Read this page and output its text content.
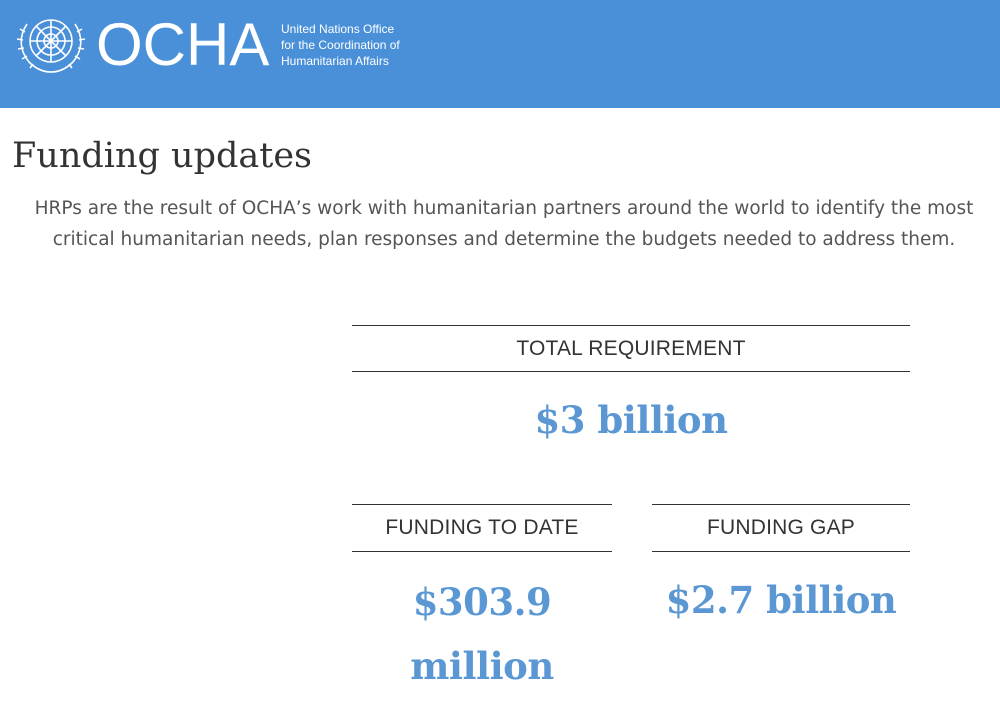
OCHA United Nations Office
for the Coordination of
Humanitarian Affairs
Funding updates

HRPs are the result of OCHA’s work with humanitarian partners around the world to identify the most critical humanitarian needs, plan responses and determine the budgets needed to address them.

TOTAL REQUIREMENT
$3 billion
FUNDING TO DATE
$303.9 million
FUNDING GAP
$2.7 billion
